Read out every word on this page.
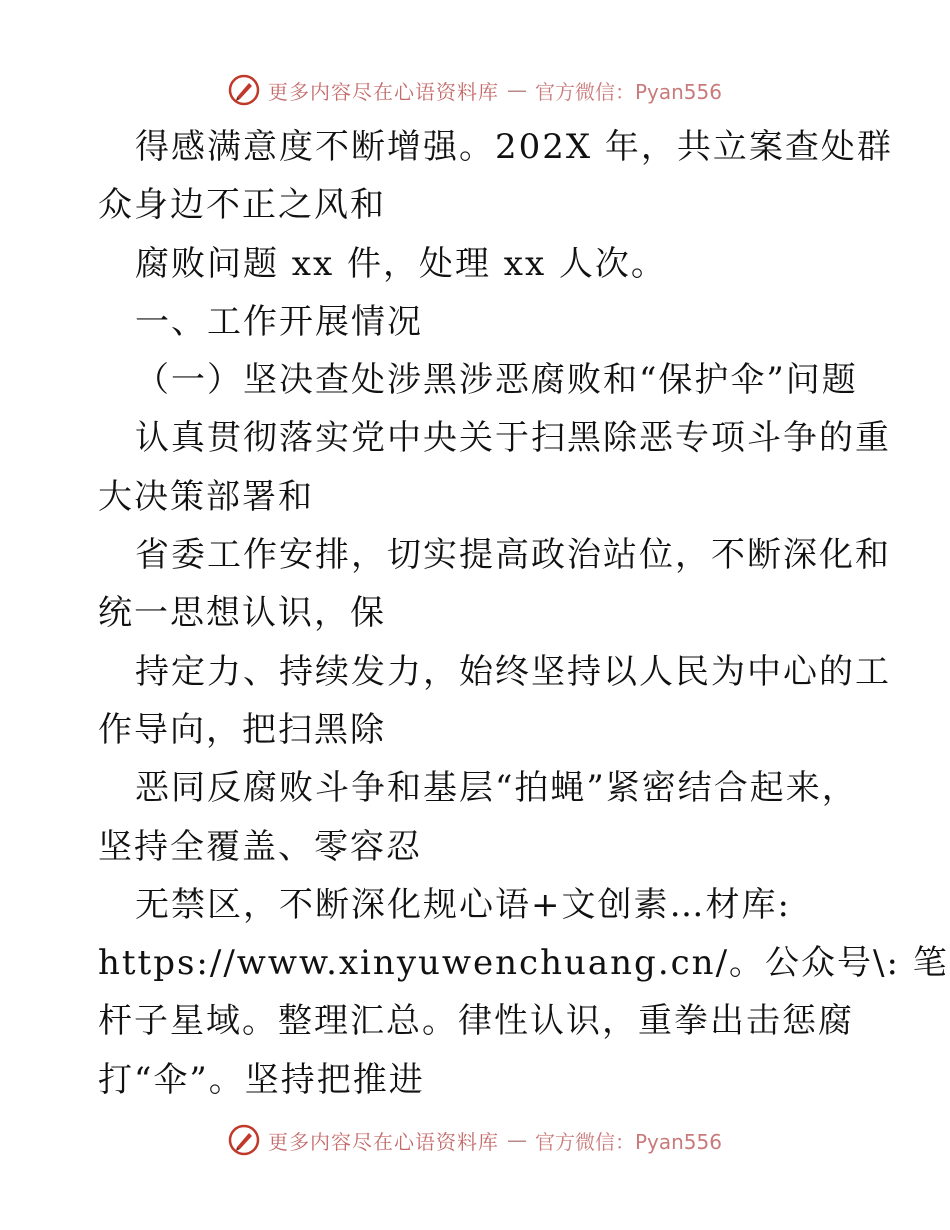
更多内容尽在心语资料库 — 官方微信：Pyan556
得感满意度不断增强。202X 年，共立案查处群
众身边不正之风和
腐败问题 xx 件，处理 xx 人次。
一、工作开展情况
（一）坚决查处涉黑涉恶腐败和“保护伞”问题
认真贯彻落实党中央关于扫黑除恶专项斗争的重
大决策部署和
省委工作安排，切实提高政治站位，不断深化和
统一思想认识，保
持定力、持续发力，始终坚持以人民为中心的工
作导向，把扫黑除
恶同反腐败斗争和基层“拍蝇”紧密结合起来，
坚持全覆盖、零容忍
无禁区，不断深化规心语+文创素…材库:
https://www.xinyuwenchuang.cn/。公众号\: 笔
杆子星域。整理汇总。律性认识，重拳出击惩腐
打“伞”。坚持把推进
更多内容尽在心语资料库 — 官方微信：Pyan556
